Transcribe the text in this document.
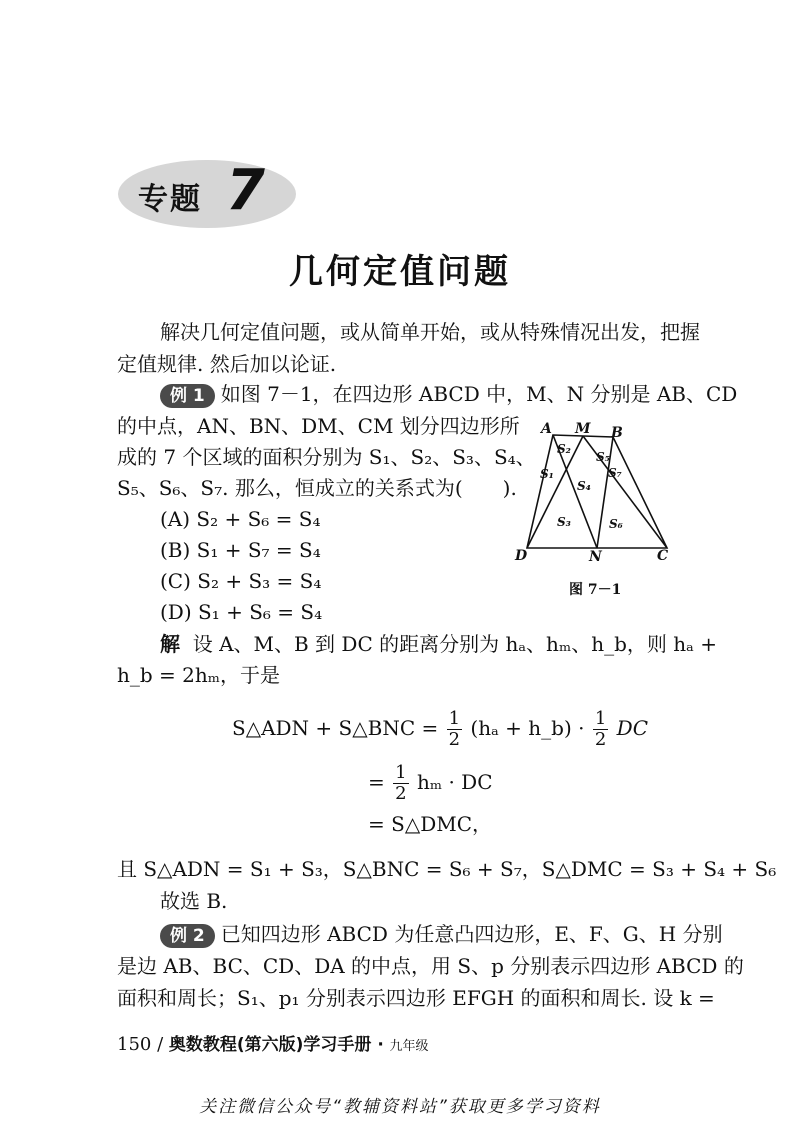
专题 7
几何定值问题
解决几何定值问题，或从简单开始，或从特殊情况出发，把握
定值规律. 然后加以论证.
例 1 如图 7－1，在四边形 ABCD 中，M、N 分别是 AB、CD
的中点，AN、BN、DM、CM 划分四边形所
成的 7 个区域的面积分别为 S₁、S₂、S₃、S₄、
S₅、S₆、S₇. 那么，恒成立的关系式为(　　).
(A) S₂ + S₆ = S₄
(B) S₁ + S₇ = S₄
(C) S₂ + S₃ = S₄
(D) S₁ + S₆ = S₄
A M B
D	N	C
S₁
S₂
S₃
S₄
S₅
S₆
S₇
图 7－1
解 设 A、M、B 到 DC 的距离分别为 hₐ、hₘ、h_b，则 hₐ +
h_b = 2hₘ，于是
S△ADN + S△BNC = $\frac{1}{2} (h_a$ + h_b) · $\frac{1}{2}$ DC
= $\frac{1}{2}$ hₘ · DC
= S△DMC，
且 S△ADN = S₁ + S₃，S△BNC = S₆ + S₇，S△DMC = S₃ + S₄ + S₆
故选 B.
例 2 已知四边形 ABCD 为任意凸四边形，E、F、G、H 分别
是边 AB、BC、CD、DA 的中点，用 S、p 分别表示四边形 ABCD 的
面积和周长；S₁、p₁ 分别表示四边形 EFGH 的面积和周长. 设 k =
150 / 奥数教程(第六版)学习手册 · 九年级
关注微信公众号“教辅资料站”获取更多学习资料
